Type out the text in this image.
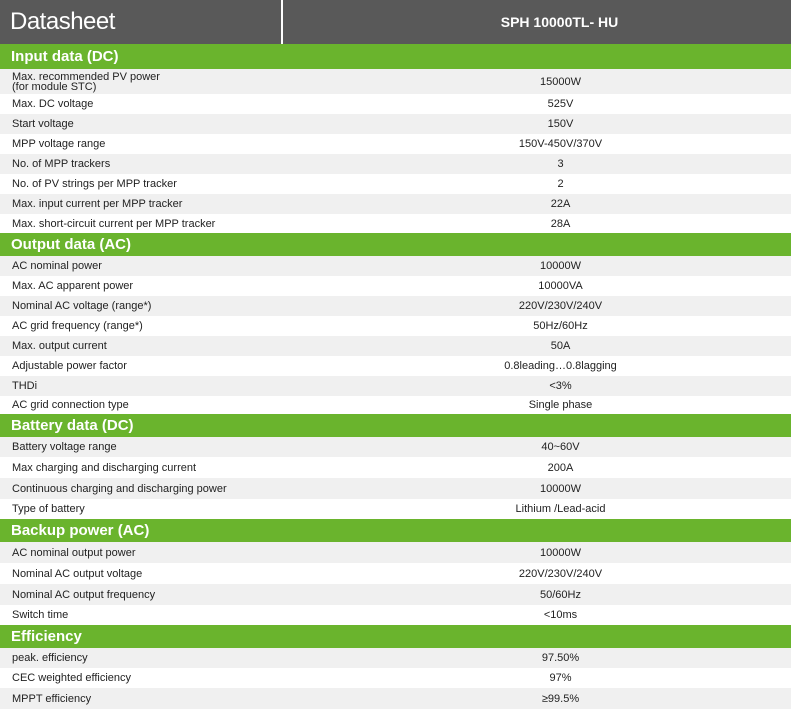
Datasheet	SPH 10000TL- HU
Input data (DC)
Max. recommended PV power
(for module STC)	15000W
Max. DC voltage	525V
Start voltage	150V
MPP voltage range	150V-450V/370V
No. of MPP trackers	3
No. of PV strings per MPP tracker	2
Max. input current per MPP tracker	22A
Max. short-circuit current per MPP tracker	28A
Output data (AC)
AC nominal power	10000W
Max. AC apparent power	10000VA
Nominal AC voltage (range*)	220V/230V/240V
AC grid frequency (range*)	50Hz/60Hz
Max. output current	50A
Adjustable power factor	0.8leading…0.8lagging
THDi	<3%
AC grid connection type	Single phase
Battery data (DC)
Battery voltage range	40~60V
Max charging and discharging current	200A
Continuous charging and discharging power	10000W
Type of battery	Lithium /Lead-acid
Backup power (AC)
AC nominal output power	10000W
Nominal AC output voltage	220V/230V/240V
Nominal AC output frequency	50/60Hz
Switch time	<10ms
Efficiency
peak. efficiency	97.50%
CEC weighted efficiency	97%
MPPT efficiency	≥99.5%
